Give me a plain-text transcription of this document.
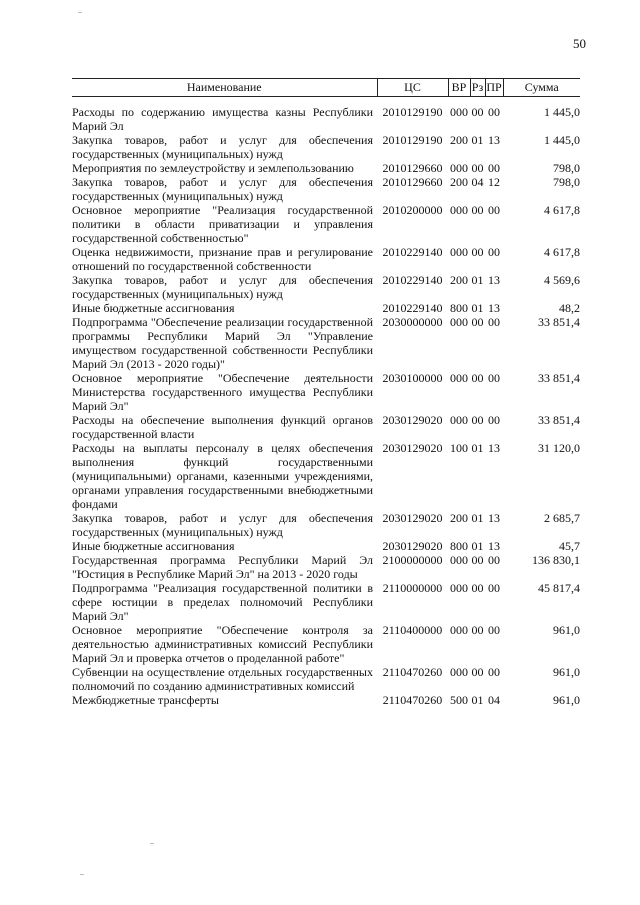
50
Наименование	ЦС	ВР	Рз	ПР	Сумма
Расходы по содержанию имущества казны Республики Марий Эл	2010129190	000	00	00	1 445,0
Закупка товаров, работ и услуг для обеспечения государственных (муниципальных) нужд	2010129190	200	01	13	1 445,0
Мероприятия по землеустройству и землепользованию	2010129660	000	00	00	798,0
Закупка товаров, работ и услуг для обеспечения государственных (муниципальных) нужд	2010129660	200	04	12	798,0
Основное мероприятие "Реализация государственной политики в области приватизации и управления государственной собственностью"	2010200000	000	00	00	4 617,8
Оценка недвижимости, признание прав и регулирование отношений по государственной собственности	2010229140	000	00	00	4 617,8
Закупка товаров, работ и услуг для обеспечения государственных (муниципальных) нужд	2010229140	200	01	13	4 569,6
Иные бюджетные ассигнования	2010229140	800	01	13	48,2
Подпрограмма "Обеспечение реализации государственной программы Республики Марий Эл "Управление имуществом государственной собственности Республики Марий Эл (2013 - 2020 годы)"	2030000000	000	00	00	33 851,4
Основное мероприятие "Обеспечение деятельности Министерства государственного имущества Республики Марий Эл"	2030100000	000	00	00	33 851,4
Расходы на обеспечение выполнения функций органов государственной власти	2030129020	000	00	00	33 851,4
Расходы на выплаты персоналу в целях обеспечения выполнения функций государственными (муниципальными) органами, казенными учреждениями, органами управления государственными внебюджетными фондами	2030129020	100	01	13	31 120,0
Закупка товаров, работ и услуг для обеспечения государственных (муниципальных) нужд	2030129020	200	01	13	2 685,7
Иные бюджетные ассигнования	2030129020	800	01	13	45,7
Государственная программа Республики Марий Эл "Юстиция в Республике Марий Эл" на 2013 - 2020 годы	2100000000	000	00	00	136 830,1
Подпрограмма "Реализация государственной политики в сфере юстиции в пределах полномочий Республики Марий Эл"	2110000000	000	00	00	45 817,4
Основное мероприятие "Обеспечение контроля за деятельностью административных комиссий Республики Марий Эл и проверка отчетов о проделанной работе"	2110400000	000	00	00	961,0
Субвенции на осуществление отдельных государственных полномочий по созданию административных комиссий	2110470260	000	00	00	961,0
Межбюджетные трансферты	2110470260	500	01	04	961,0
